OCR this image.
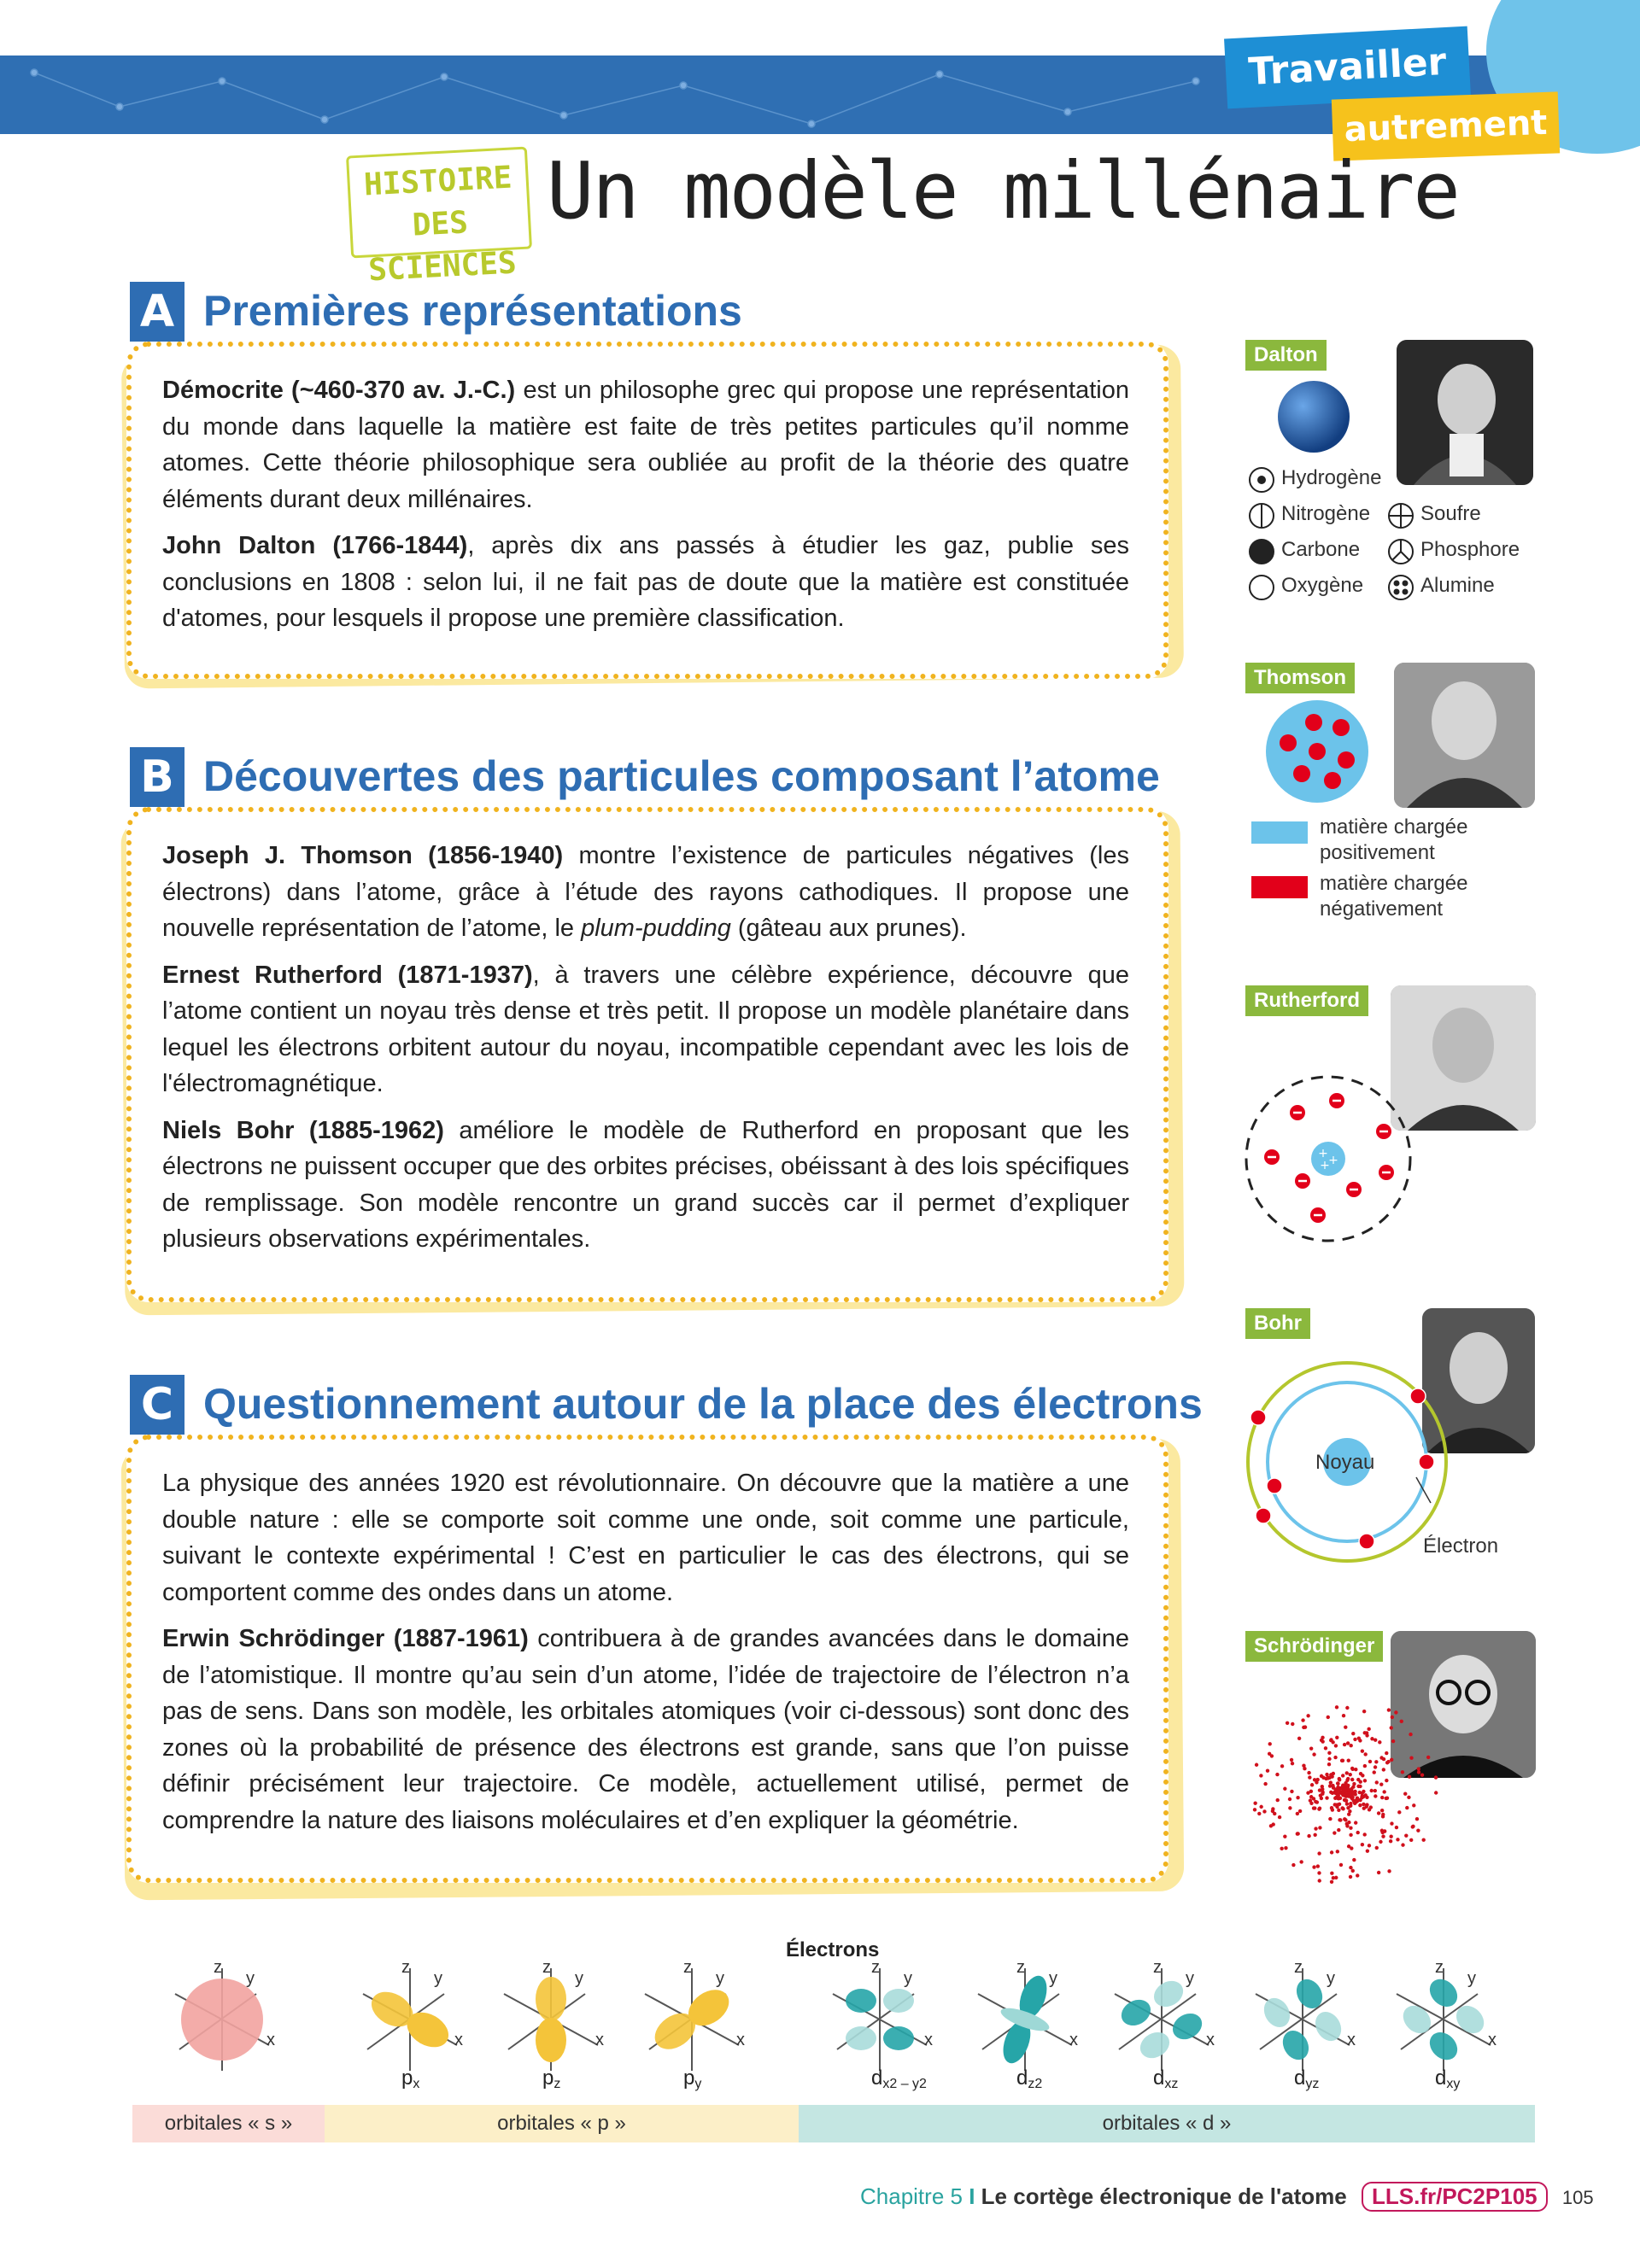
Travailler
autrement
HISTOIRE DES SCIENCES
Un modèle millénaire
A Premières représentations

Démocrite (~460-370 av. J.-C.) est un philosophe grec qui propose une représentation du monde dans laquelle la matière est faite de très petites particules qu’il nomme atomes. Cette théorie philosophique sera oubliée au profit de la théorie des quatre éléments durant deux millénaires.

John Dalton (1766-1844), après dix ans passés à étudier les gaz, publie ses conclusions en 1808 : selon lui, il ne fait pas de doute que la matière est constituée d'atomes, pour lesquels il propose une première classification.

B Découvertes des particules composant l’atome

Joseph J. Thomson (1856-1940) montre l’existence de particules négatives (les électrons) dans l’atome, grâce à l’étude des rayons cathodiques. Il propose une nouvelle représentation de l’atome, le plum-pudding (gâteau aux prunes).

Ernest Rutherford (1871-1937), à travers une célèbre expérience, découvre que l’atome contient un noyau très dense et très petit. Il propose un modèle planétaire dans lequel les électrons orbitent autour du noyau, incompatible cependant avec les lois de l'électromagnétique.

Niels Bohr (1885-1962) améliore le modèle de Rutherford en proposant que les électrons ne puissent occuper que des orbites précises, obéissant à des lois spécifiques de remplissage. Son modèle rencontre un grand succès car il permet d’expliquer plusieurs observations expérimentales.

C Questionnement autour de la place des électrons

La physique des années 1920 est révolutionnaire. On découvre que la matière a une double nature : elle se comporte soit comme une onde, soit comme une particule, suivant le contexte expérimental ! C’est en particulier le cas des électrons, qui se comportent comme des ondes dans un atome.

Erwin Schrödinger (1887-1961) contribuera à de grandes avancées dans le domaine de l’atomistique. Il montre qu’au sein d’un atome, l’idée de trajectoire de l’électron n’a pas de sens. Dans son modèle, les orbitales atomiques (voir ci-dessous) sont donc des zones où la probabilité de présence des électrons est grande, sans que l’on puisse définir précisément leur trajectoire. Ce modèle, actuellement utilisé, permet de comprendre la nature des liaisons moléculaires et d’en expliquer la géométrie.

Dalton
Hydrogène
Nitrogène Soufre
Carbone	Phosphore
Oxygène	Alumine
Thomson
matière chargée positivement
matière chargée négativement
Rutherford
+ +
+
Bohr
Noyau
Électron
Schrödinger
Électrons
z
y
x
z
y
x
z
y
x
z
y
x
z
y
x
z
y
x
z
y
x
z
y
x
z
y
x
$p_x$	$p_z$	$p_y$	$d_{x2 - y2}$	$d_{z2}$	$d_{xz}$	$d_{yz}$	$d_{xy}$
orbitales « s »	orbitales « p »	orbitales « d »
Chapitre 5 I Le cortège électronique de l'atome LLS.fr/PC2P105 105
